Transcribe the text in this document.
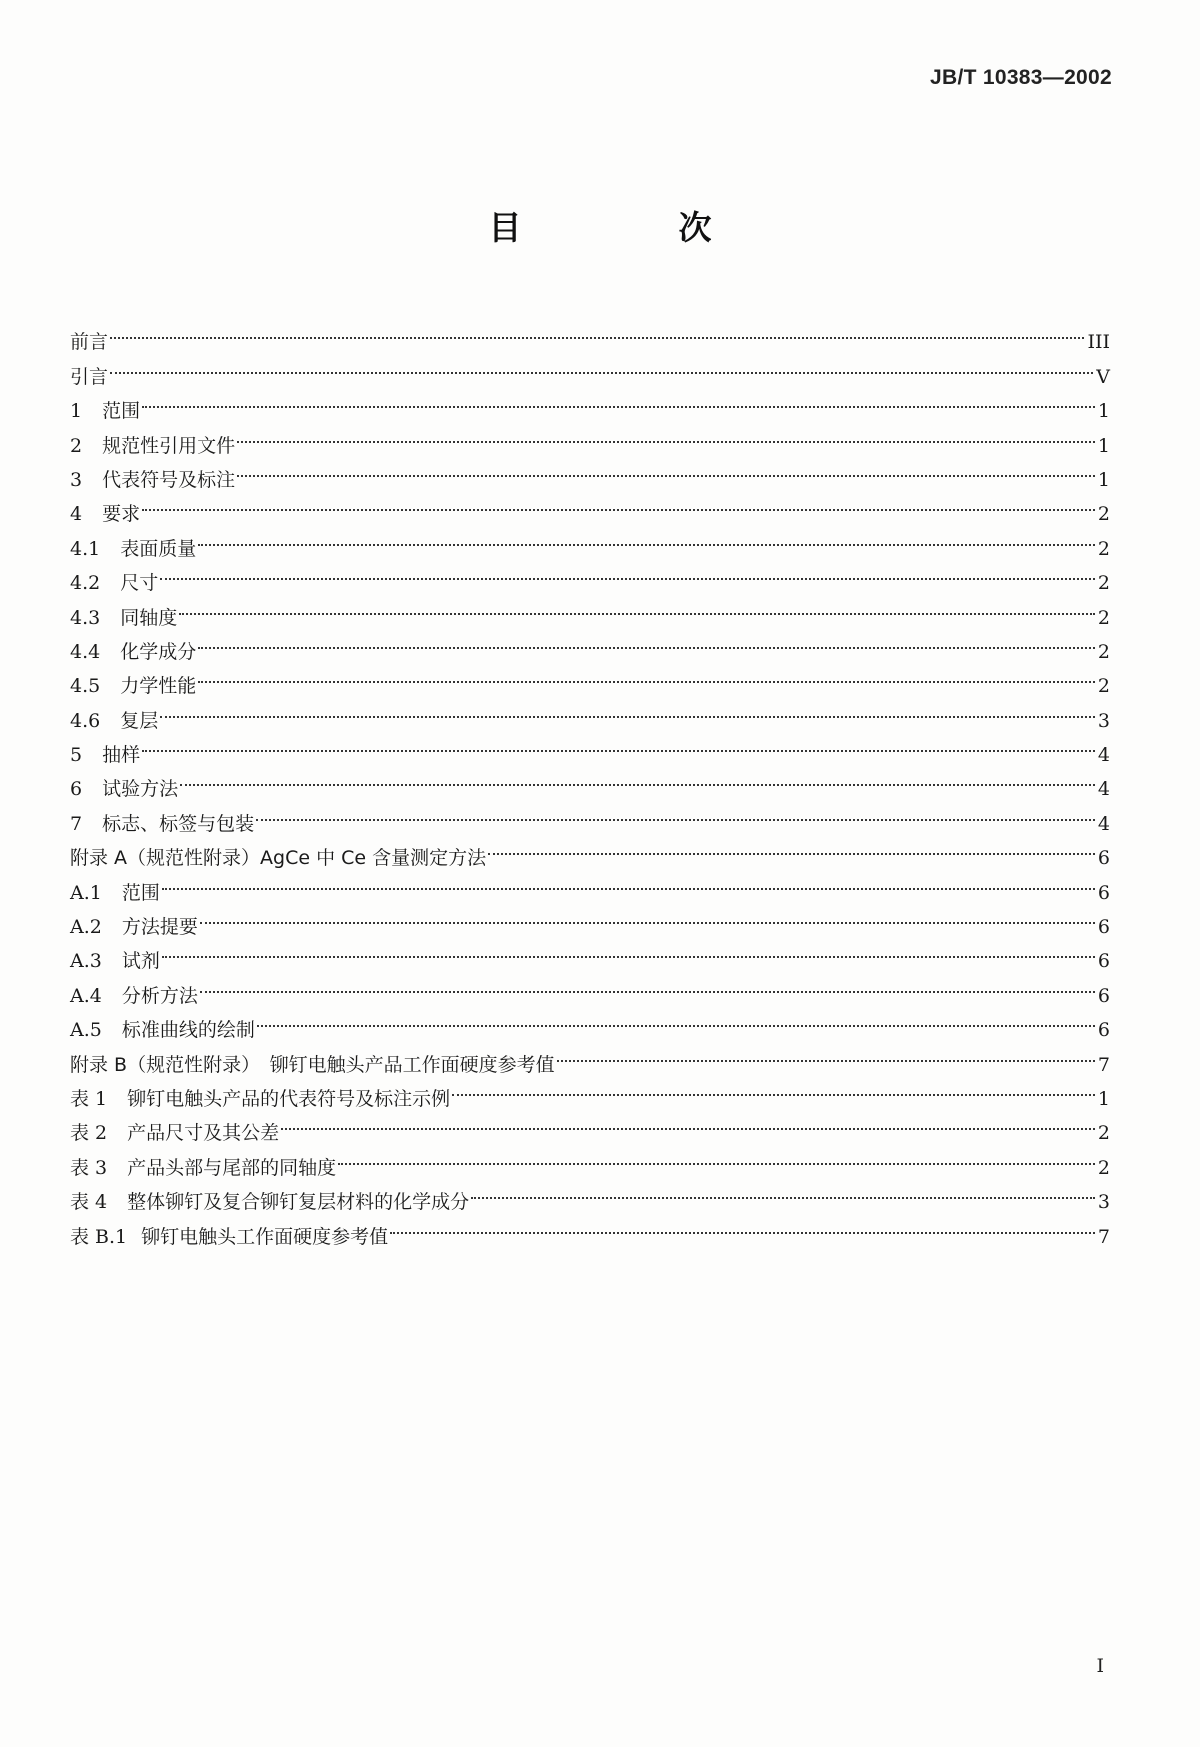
JB/T 10383—2002
目　次
前言	III
引言	V
1 范围	1
2 规范性引用文件	1
3 代表符号及标注	1
4 要求	2
4.1 表面质量	2
4.2 尺寸	2
4.3 同轴度	2
4.4 化学成分	2
4.5 力学性能	2
4.6 复层	3
5 抽样	4
6 试验方法	4
7 标志、标签与包装	4
附录 A（规范性附录）AgCe 中 Ce 含量测定方法	6
A.1 范围	6
A.2 方法提要	6
A.3 试剂	6
A.4 分析方法	6
A.5 标准曲线的绘制	6
附录 B（规范性附录）　铆钉电触头产品工作面硬度参考值	7
表 1 铆钉电触头产品的代表符号及标注示例	1
表 2 产品尺寸及其公差	2
表 3 产品头部与尾部的同轴度	2
表 4 整体铆钉及复合铆钉复层材料的化学成分	3
表 B.1 铆钉电触头工作面硬度参考值	7
I
